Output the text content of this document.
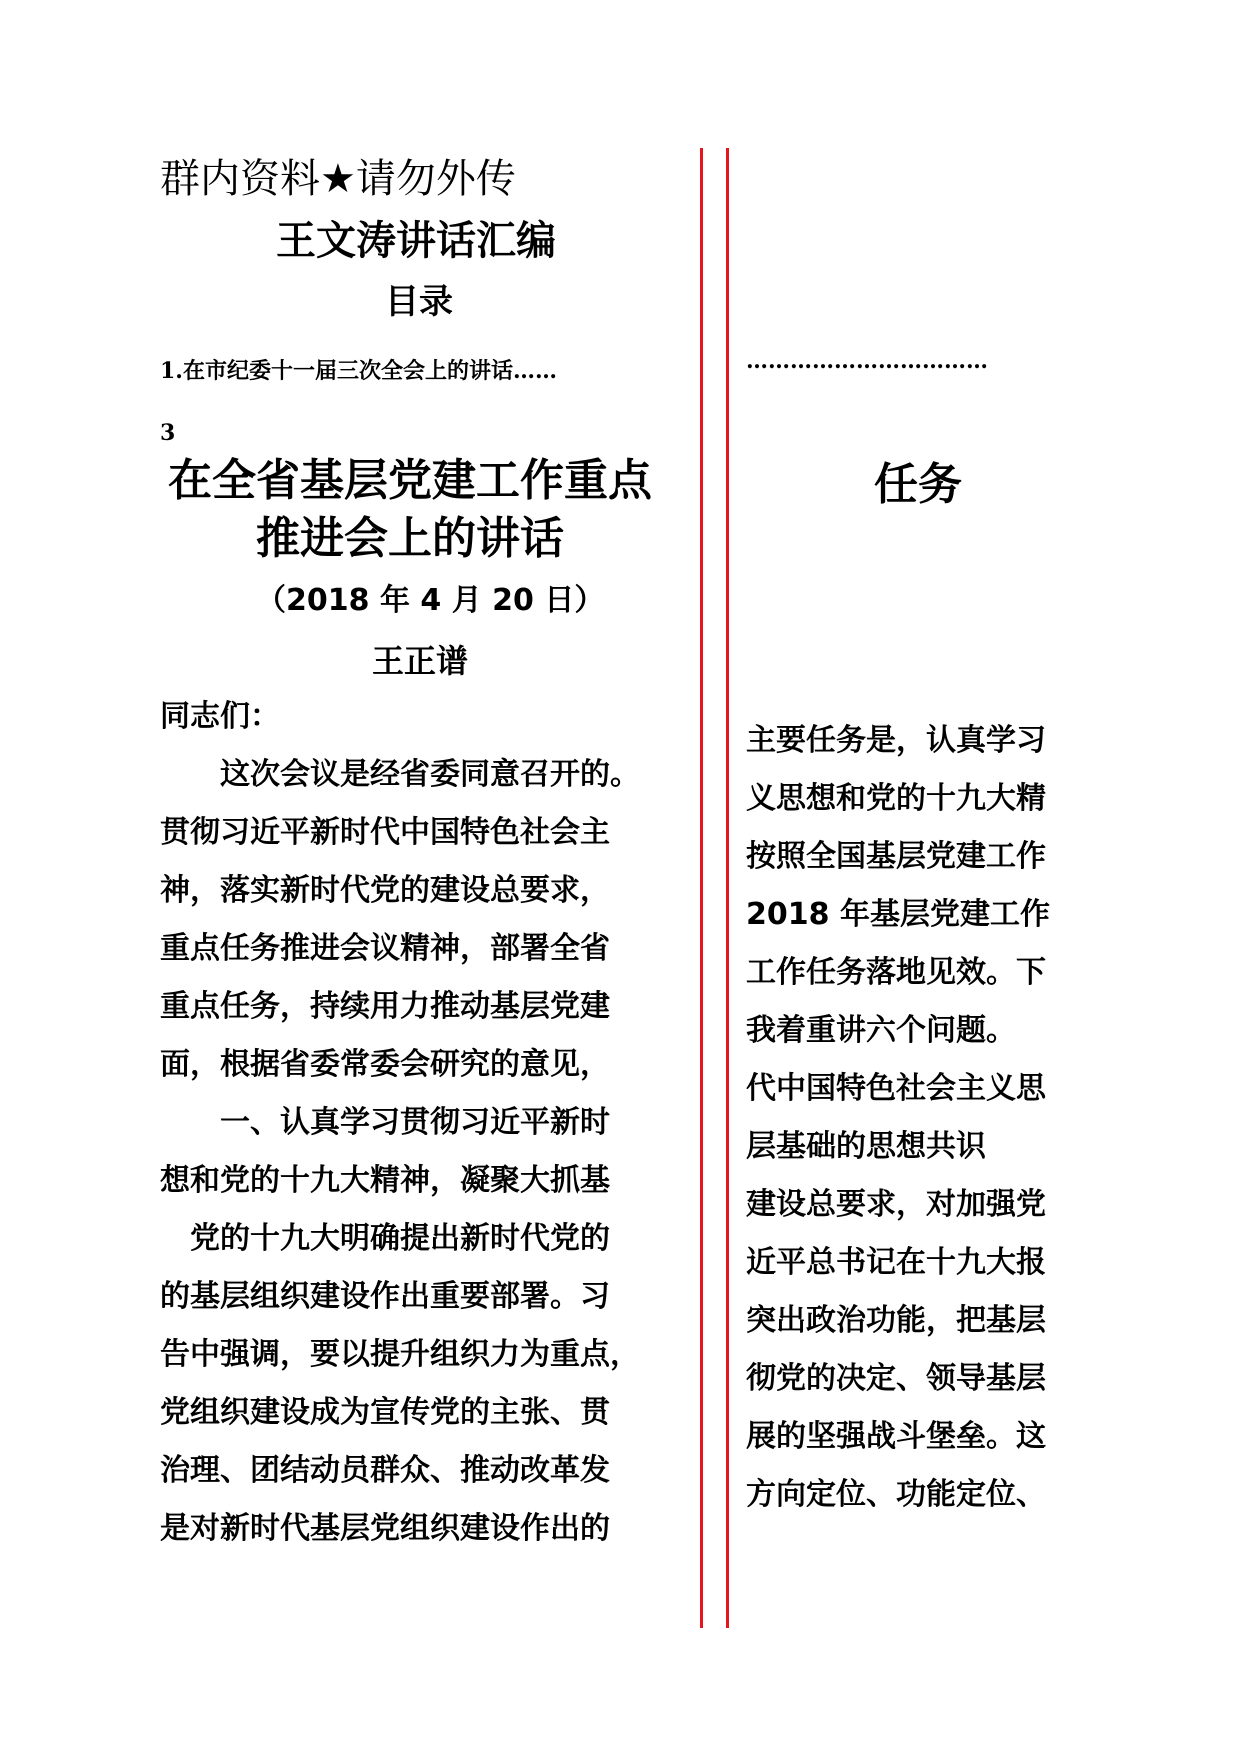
群内资料★请勿外传
王文涛讲话汇编
目录
1.在市纪委十一届三次全会上的讲话……
3
在全省基层党建工作重点
推进会上的讲话
（2018 年 4 月 20 日）
王正谱
同志们：
　　这次会议是经省委同意召开的。
贯彻习近平新时代中国特色社会主
神，落实新时代党的建设总要求，
重点任务推进会议精神，部署全省
重点任务，持续用力推动基层党建
面，根据省委常委会研究的意见，
　　一、认真学习贯彻习近平新时
想和党的十九大精神，凝聚大抓基
　党的十九大明确提出新时代党的
的基层组织建设作出重要部署。习
告中强调，要以提升组织力为重点，
党组织建设成为宣传党的主张、贯
治理、团结动员群众、推动改革发
是对新时代基层党组织建设作出的
……………………………
任务
主要任务是，认真学习
义思想和党的十九大精
按照全国基层党建工作
2018 年基层党建工作
工作任务落地见效。下
我着重讲六个问题。
代中国特色社会主义思
层基础的思想共识
建设总要求，对加强党
近平总书记在十九大报
突出政治功能，把基层
彻党的决定、领导基层
展的坚强战斗堡垒。这
方向定位、功能定位、
